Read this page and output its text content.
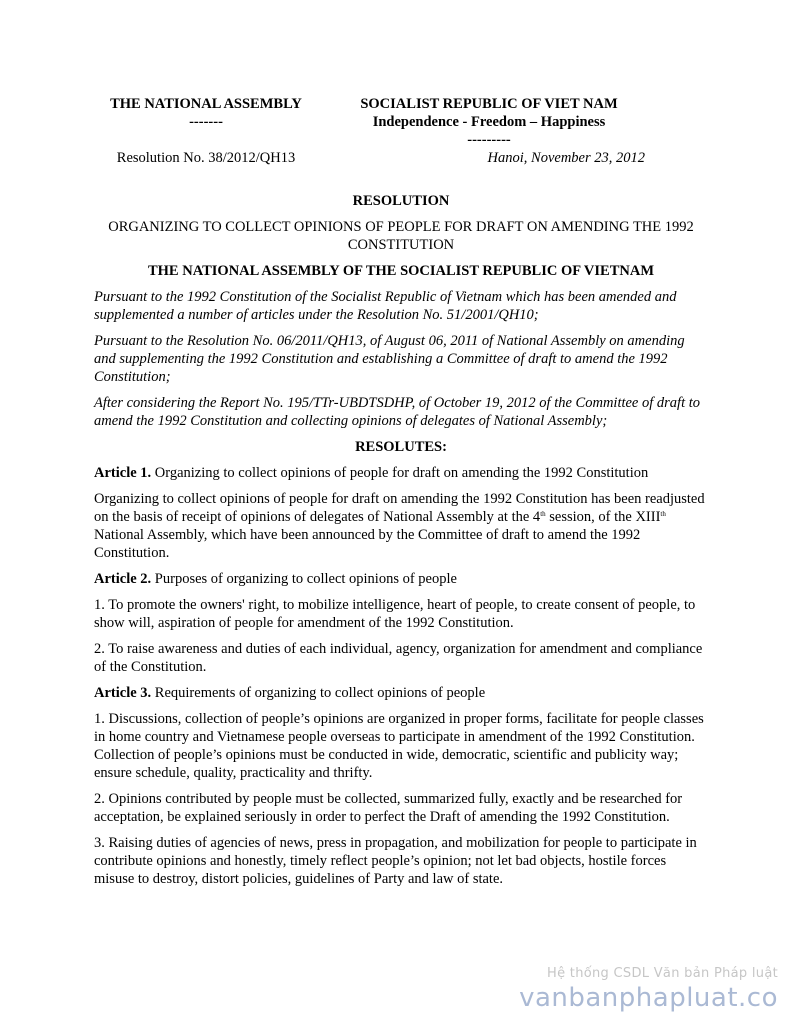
THE NATIONAL ASSEMBLY
-------
SOCIALIST REPUBLIC OF VIET NAM
Independence - Freedom – Happiness
---------
Resolution No. 38/2012/QH13	Hanoi, November 23, 2012

RESOLUTION

ORGANIZING TO COLLECT OPINIONS OF PEOPLE FOR DRAFT ON AMENDING THE 1992 CONSTITUTION

THE NATIONAL ASSEMBLY OF THE SOCIALIST REPUBLIC OF VIETNAM

Pursuant to the 1992 Constitution of the Socialist Republic of Vietnam which has been amended and supplemented a number of articles under the Resolution No. 51/2001/QH10;

Pursuant to the Resolution No. 06/2011/QH13, of August 06, 2011 of National Assembly on amending and supplementing the 1992 Constitution and establishing a Committee of draft to amend the 1992 Constitution;

After considering the Report No. 195/TTr-UBDTSDHP, of October 19, 2012 of the Committee of draft to amend the 1992 Constitution and collecting opinions of delegates of National Assembly;

RESOLUTES:

Article 1. Organizing to collect opinions of people for draft on amending the 1992 Constitution

Organizing to collect opinions of people for draft on amending the 1992 Constitution has been readjusted on the basis of receipt of opinions of delegates of National Assembly at the 4th session, of the XIIIth National Assembly, which have been announced by the Committee of draft to amend the 1992 Constitution.

Article 2. Purposes of organizing to collect opinions of people

1. To promote the owners' right, to mobilize intelligence, heart of people, to create consent of people, to show will, aspiration of people for amendment of the 1992 Constitution.

2. To raise awareness and duties of each individual, agency, organization for amendment and compliance of the Constitution.

Article 3. Requirements of organizing to collect opinions of people

1. Discussions, collection of people’s opinions are organized in proper forms, facilitate for people classes in home country and Vietnamese people overseas to participate in amendment of the 1992 Constitution. Collection of people’s opinions must be conducted in wide, democratic, scientific and publicity way; ensure schedule, quality, practicality and thrifty.

2. Opinions contributed by people must be collected, summarized fully, exactly and be researched for acceptation, be explained seriously in order to perfect the Draft of amending the 1992 Constitution.

3. Raising duties of agencies of news, press in propagation, and mobilization for people to participate in contribute opinions and honestly, timely reflect people’s opinion; not let bad objects, hostile forces misuse to destroy, distort policies, guidelines of Party and law of state.

Hệ thống CSDL Văn bản Pháp luật
vanbanphapluat.co
